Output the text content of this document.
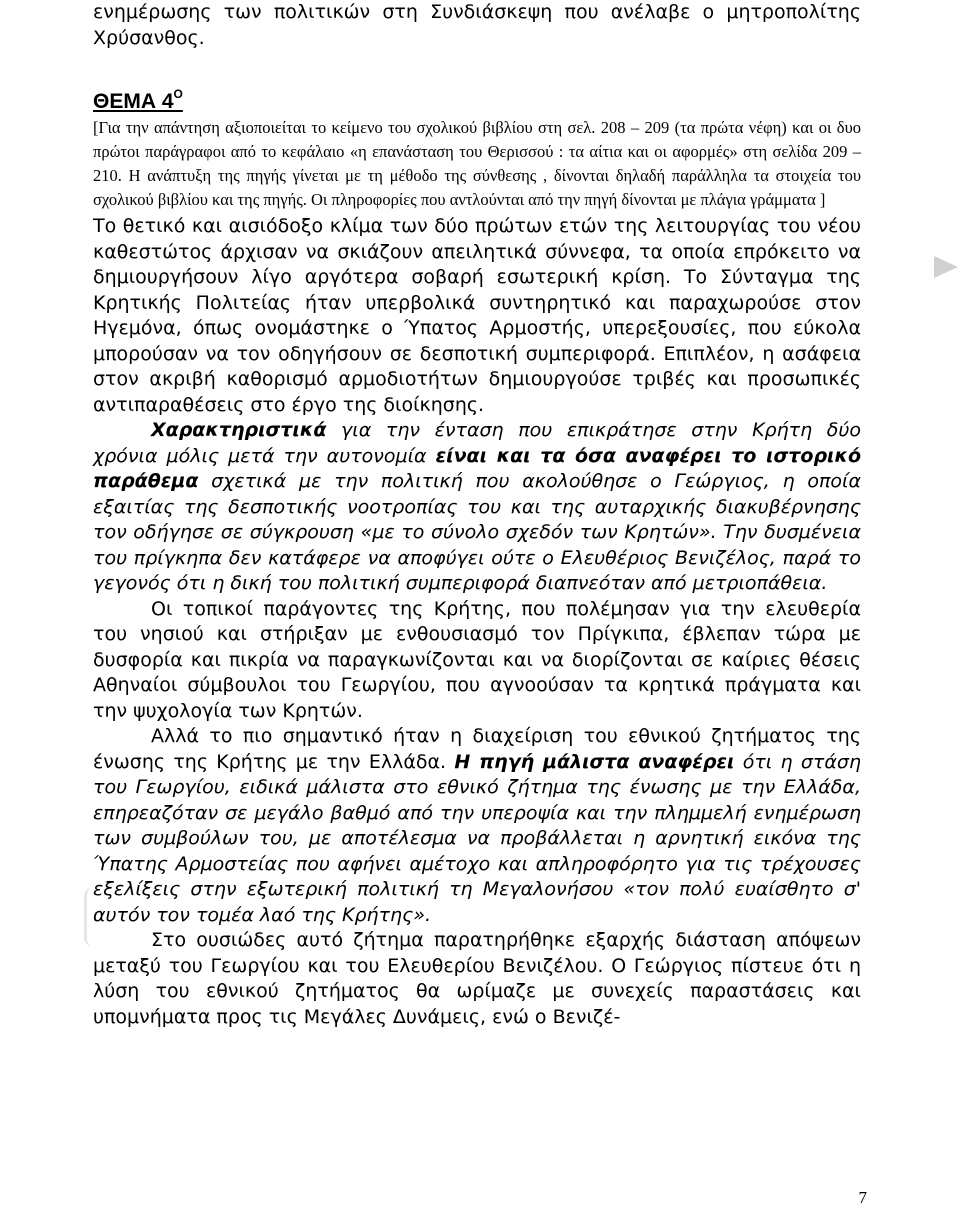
ενημέρωσης των πολιτικών στη Συνδιάσκεψη που ανέλαβε ο μητροπολίτης Χρύσανθος.

ΘΕΜΑ $4^O$

[Για την απάντηση αξιοποιείται το κείμενο του σχολικού βιβλίου στη σελ. 208 – 209 (τα πρώτα νέφη) και οι δυο πρώτοι παράγραφοι από το κεφάλαιο «η επανάσταση του Θερισσού : τα αίτια και οι αφορμές» στη σελίδα 209 – 210. Η ανάπτυξη της πηγής γίνεται με τη μέθοδο της σύνθεσης , δίνονται δηλαδή παράλληλα τα στοιχεία του σχολικού βιβλίου και της πηγής. Οι πληροφορίες που αντλούνται από την πηγή δίνονται με πλάγια γράμματα ]

Το θετικό και αισιόδοξο κλίμα των δύο πρώτων ετών της λειτουργίας του νέου καθεστώτος άρχισαν να σκιάζουν απειλητικά σύννεφα, τα οποία επρόκειτο να δημιουργήσουν λίγο αργότερα σοβαρή εσωτερική κρίση. Το Σύνταγμα της Κρητικής Πολιτείας ήταν υπερβολικά συντηρητικό και παραχωρούσε στον Ηγεμόνα, όπως ονομάστηκε ο Ύπατος Αρμοστής, υπερεξουσίες, που εύκολα μπορούσαν να τον οδηγήσουν σε δεσποτική συμπεριφορά. Επιπλέον, η ασάφεια στον ακριβή καθορισμό αρμοδιοτήτων δημιουργούσε τριβές και προσωπικές αντιπαραθέσεις στο έργο της διοίκησης.

Χαρακτηριστικά για την ένταση που επικράτησε στην Κρήτη δύο χρόνια μόλις μετά την αυτονομία είναι και τα όσα αναφέρει το ιστορικό παράθεμα σχετικά με την πολιτική που ακολούθησε ο Γεώργιος, η οποία εξαιτίας της δεσποτικής νοοτροπίας του και της αυταρχικής διακυβέρνησης τον οδήγησε σε σύγκρουση «με το σύνολο σχεδόν των Κρητών». Την δυσμένεια του πρίγκηπα δεν κατάφερε να αποφύγει ούτε ο Ελευθέριος Βενιζέλος, παρά το γεγονός ότι η δική του πολιτική συμπεριφορά διαπνεόταν από μετριοπάθεια.

Οι τοπικοί παράγοντες της Κρήτης, που πολέμησαν για την ελευθερία του νησιού και στήριξαν με ενθουσιασμό τον Πρίγκιπα, έβλεπαν τώρα με δυσφορία και πικρία να παραγκωνίζονται και να διορίζονται σε καίριες θέσεις Αθηναίοι σύμβουλοι του Γεωργίου, που αγνοούσαν τα κρητικά πράγματα και την ψυχολογία των Κρητών.

Αλλά το πιο σημαντικό ήταν η διαχείριση του εθνικού ζητήματος της ένωσης της Κρήτης με την Ελλάδα. Η πηγή μάλιστα αναφέρει ότι η στάση του Γεωργίου, ειδικά μάλιστα στο εθνικό ζήτημα της ένωσης με την Ελλάδα, επηρεαζόταν σε μεγάλο βαθμό από την υπεροψία και την πλημμελή ενημέρωση των συμβούλων του, με αποτέλεσμα να προβάλλεται η αρνητική εικόνα της Ύπατης Αρμοστείας που αφήνει αμέτοχο και απληροφόρητο για τις τρέχουσες εξελίξεις στην εξωτερική πολιτική τη Μεγαλονήσου «τον πολύ ευαίσθητο σ' αυτόν τον τομέα λαό της Κρήτης».

Στο ουσιώδες αυτό ζήτημα παρατηρήθηκε εξαρχής διάσταση απόψεων μεταξύ του Γεωργίου και του Ελευθερίου Βενιζέλου. Ο Γεώργιος πίστευε ότι η λύση του εθνικού ζητήματος θα ωρίμαζε με συνεχείς παραστάσεις και υπομνήματα προς τις Μεγάλες Δυνάμεις, ενώ ο Βενιζέ-

7
